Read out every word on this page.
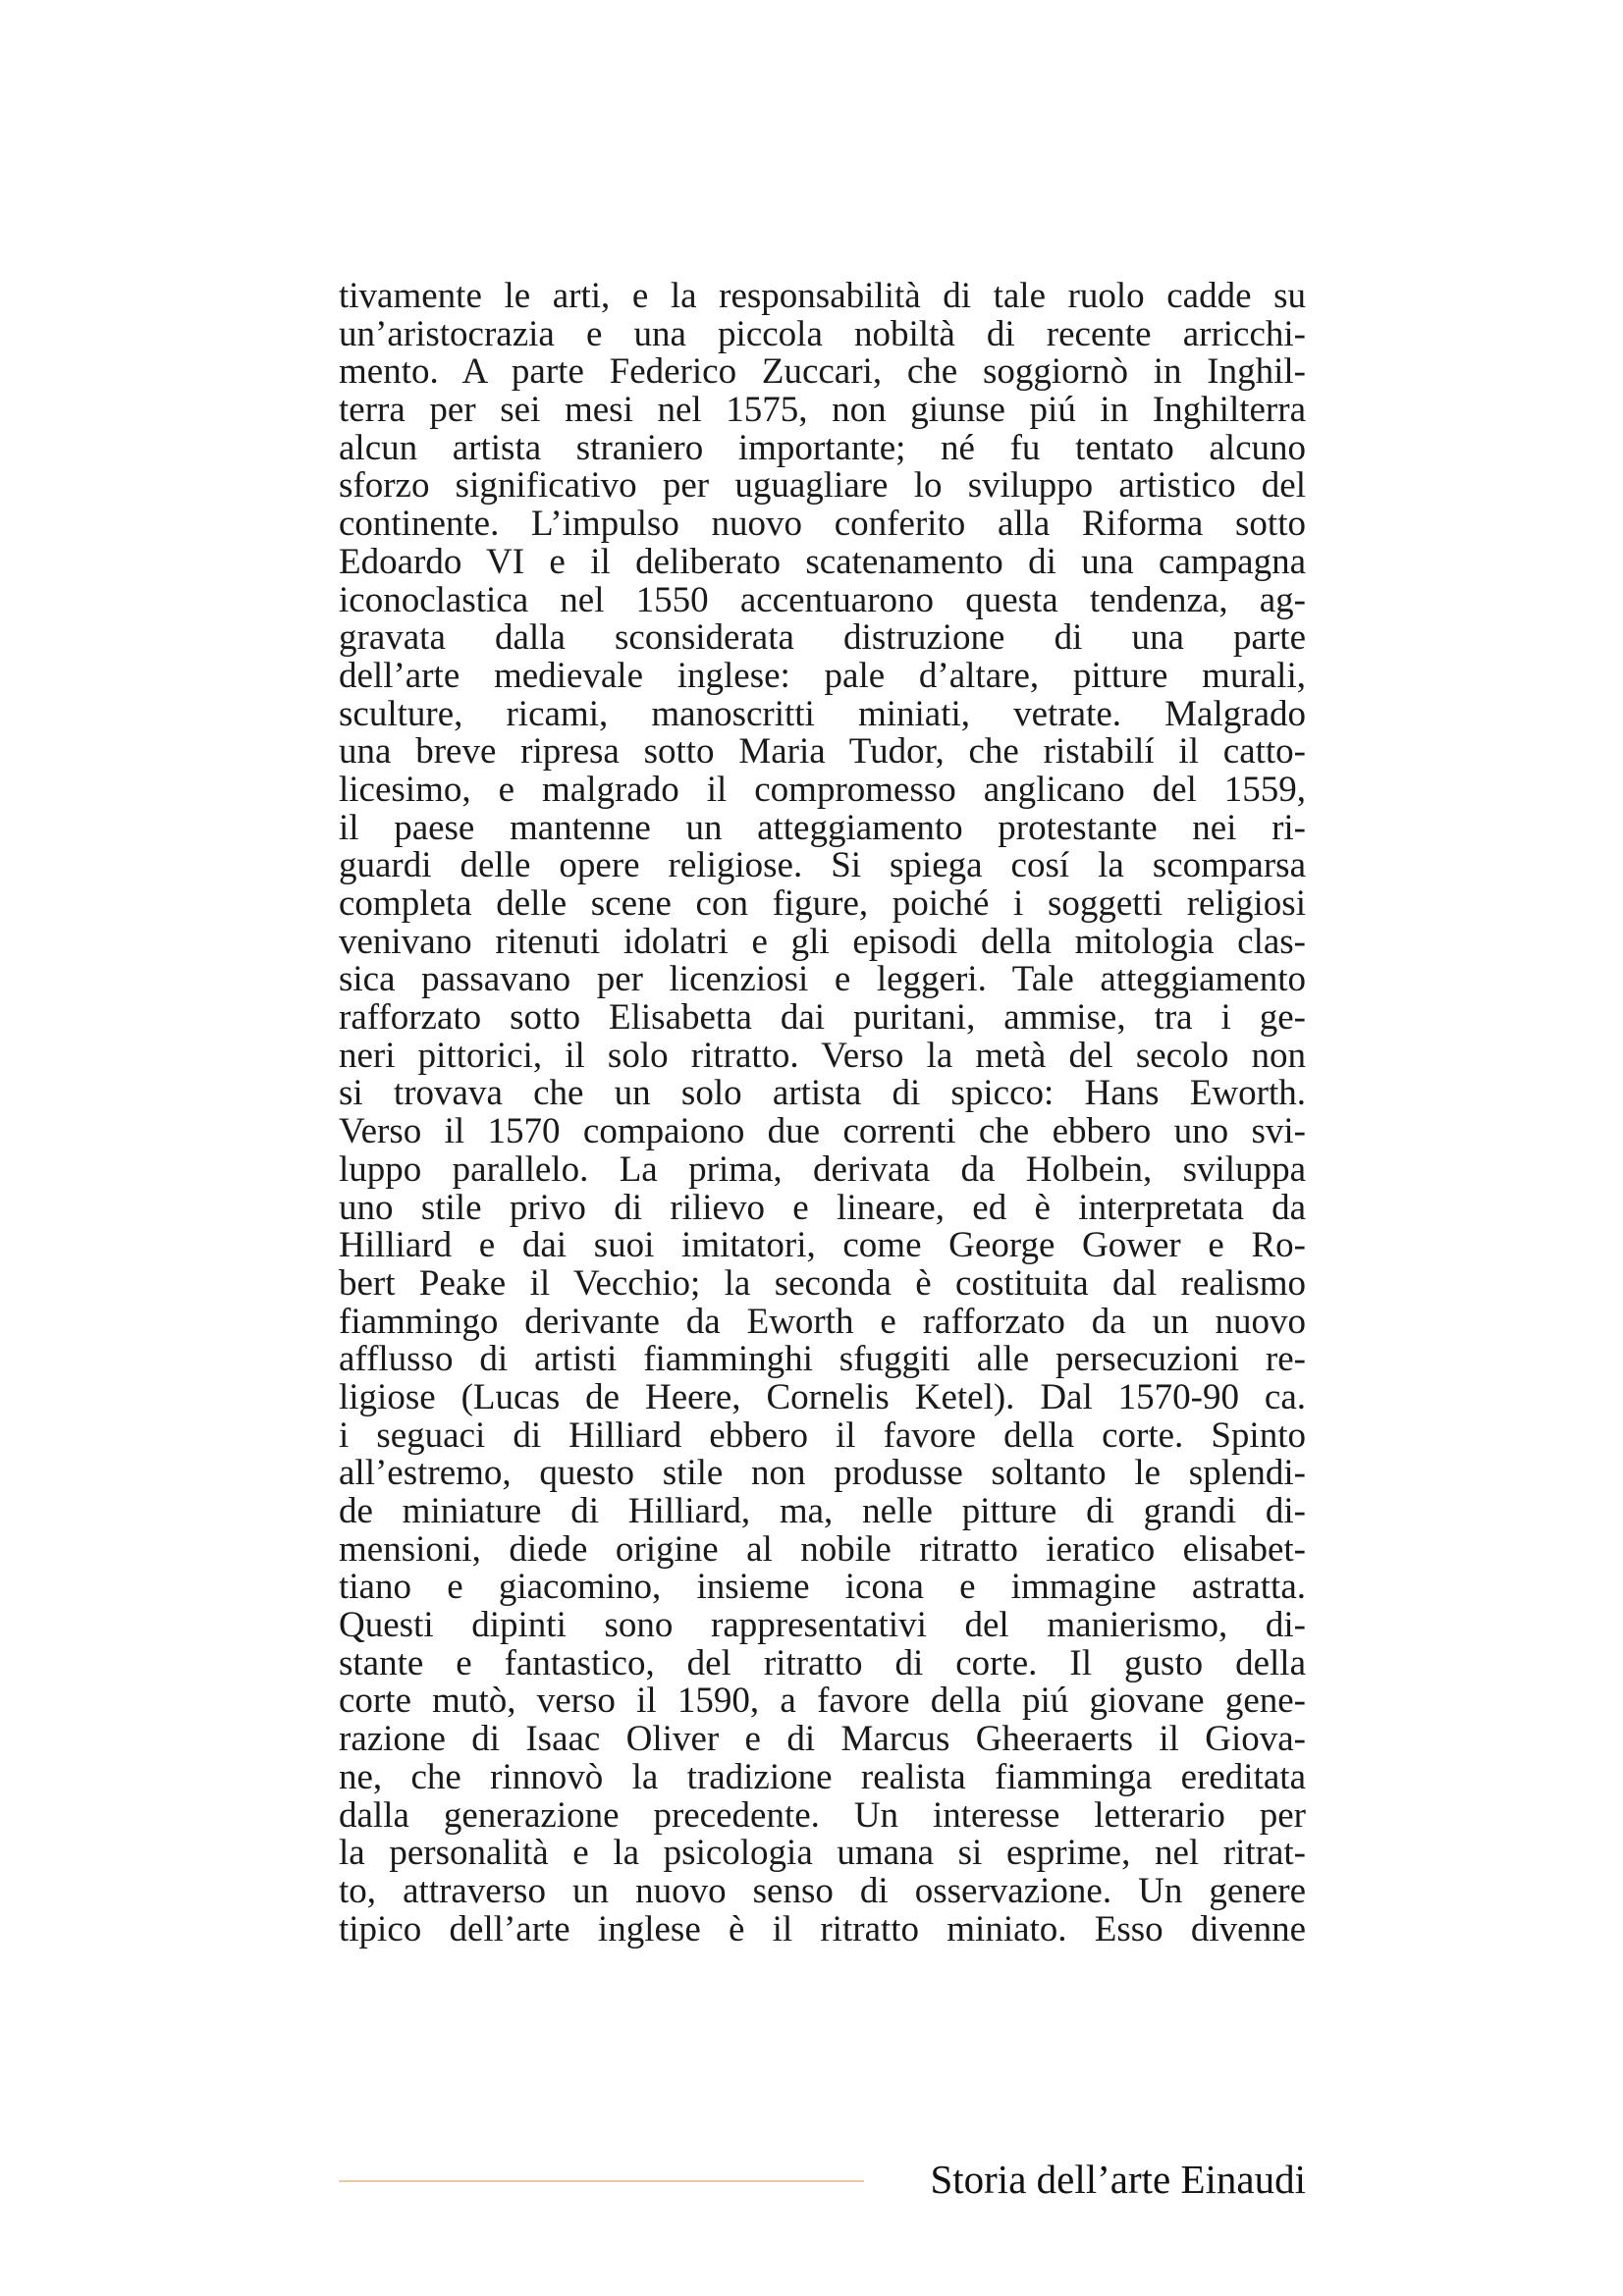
tivamente le arti, e la responsabilità di tale ruolo cadde su
un’aristocrazia e una piccola nobiltà di recente arricchi-
mento. A parte Federico Zuccari, che soggiornò in Inghil-
terra per sei mesi nel 1575, non giunse piú in Inghilterra
alcun artista straniero importante; né fu tentato alcuno
sforzo significativo per uguagliare lo sviluppo artistico del
continente. L’impulso nuovo conferito alla Riforma sotto
Edoardo VI e il deliberato scatenamento di una campagna
iconoclastica nel 1550 accentuarono questa tendenza, ag-
gravata dalla sconsiderata distruzione di una parte
dell’arte medievale inglese: pale d’altare, pitture murali,
sculture, ricami, manoscritti miniati, vetrate. Malgrado
una breve ripresa sotto Maria Tudor, che ristabilí il catto-
licesimo, e malgrado il compromesso anglicano del 1559,
il paese mantenne un atteggiamento protestante nei ri-
guardi delle opere religiose. Si spiega cosí la scomparsa
completa delle scene con figure, poiché i soggetti religiosi
venivano ritenuti idolatri e gli episodi della mitologia clas-
sica passavano per licenziosi e leggeri. Tale atteggiamento
rafforzato sotto Elisabetta dai puritani, ammise, tra i ge-
neri pittorici, il solo ritratto. Verso la metà del secolo non
si trovava che un solo artista di spicco: Hans Eworth.
Verso il 1570 compaiono due correnti che ebbero uno svi-
luppo parallelo. La prima, derivata da Holbein, sviluppa
uno stile privo di rilievo e lineare, ed è interpretata da
Hilliard e dai suoi imitatori, come George Gower e Ro-
bert Peake il Vecchio; la seconda è costituita dal realismo
fiammingo derivante da Eworth e rafforzato da un nuovo
afflusso di artisti fiamminghi sfuggiti alle persecuzioni re-
ligiose (Lucas de Heere, Cornelis Ketel). Dal 1570-90 ca.
i seguaci di Hilliard ebbero il favore della corte. Spinto
all’estremo, questo stile non produsse soltanto le splendi-
de miniature di Hilliard, ma, nelle pitture di grandi di-
mensioni, diede origine al nobile ritratto ieratico elisabet-
tiano e giacomino, insieme icona e immagine astratta.
Questi dipinti sono rappresentativi del manierismo, di-
stante e fantastico, del ritratto di corte. Il gusto della
corte mutò, verso il 1590, a favore della piú giovane gene-
razione di Isaac Oliver e di Marcus Gheeraerts il Giova-
ne, che rinnovò la tradizione realista fiamminga ereditata
dalla generazione precedente. Un interesse letterario per
la personalità e la psicologia umana si esprime, nel ritrat-
to, attraverso un nuovo senso di osservazione. Un genere
tipico dell’arte inglese è il ritratto miniato. Esso divenne
Storia dell’arte Einaudi
